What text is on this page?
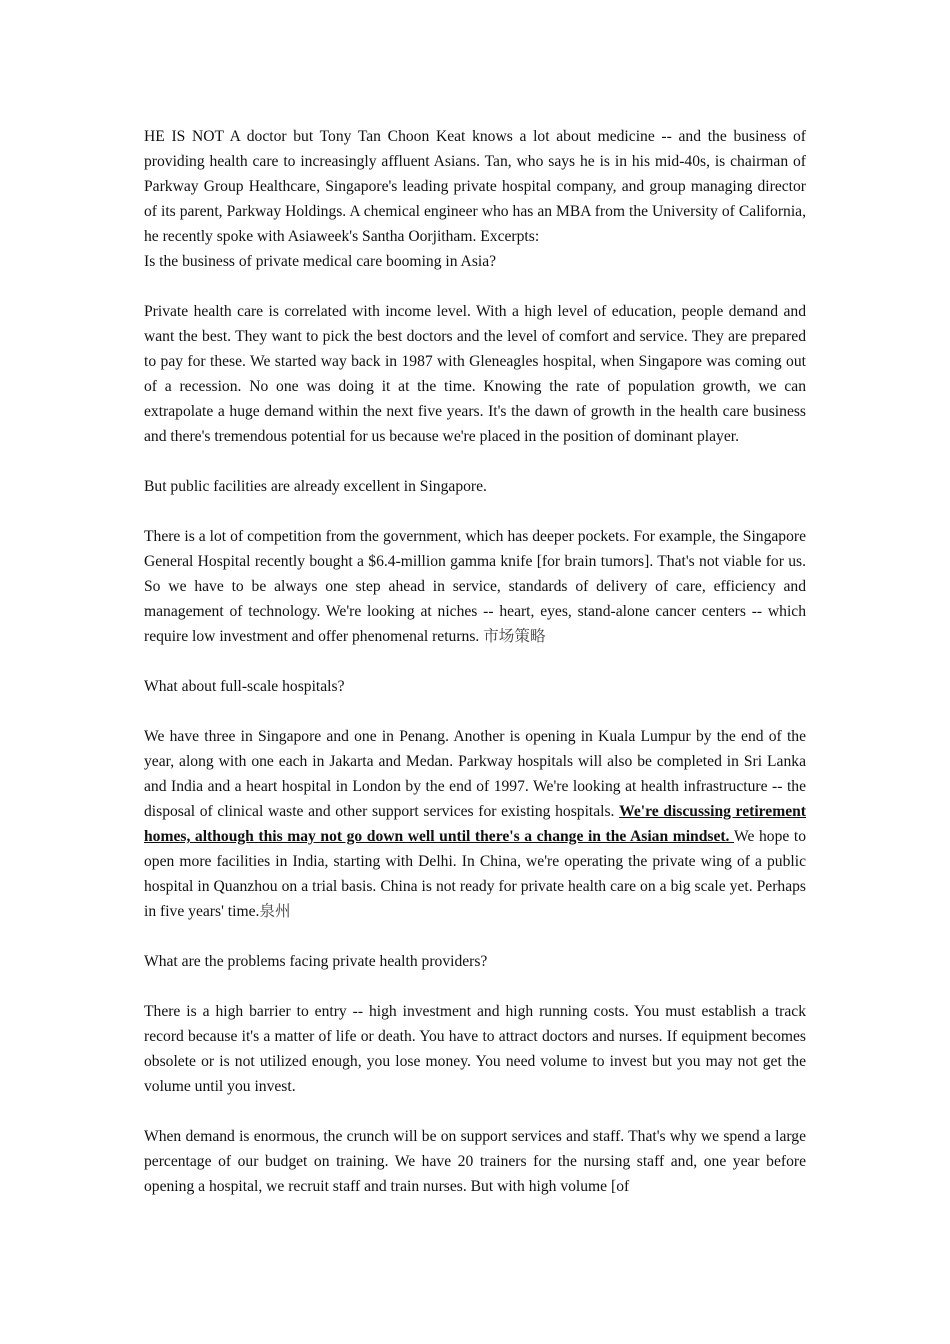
HE IS NOT A doctor but Tony Tan Choon Keat knows a lot about medicine -- and the business of providing health care to increasingly affluent Asians. Tan, who says he is in his mid-40s, is chairman of Parkway Group Healthcare, Singapore's leading private hospital company, and group managing director of its parent, Parkway Holdings. A chemical engineer who has an MBA from the University of California, he recently spoke with Asiaweek's Santha Oorjitham. Excerpts:

Is the business of private medical care booming in Asia?

Private health care is correlated with income level. With a high level of education, people demand and want the best. They want to pick the best doctors and the level of comfort and service. They are prepared to pay for these. We started way back in 1987 with Gleneagles hospital, when Singapore was coming out of a recession. No one was doing it at the time. Knowing the rate of population growth, we can extrapolate a huge demand within the next five years. It's the dawn of growth in the health care business and there's tremendous potential for us because we're placed in the position of dominant player.

But public facilities are already excellent in Singapore.

There is a lot of competition from the government, which has deeper pockets. For example, the Singapore General Hospital recently bought a $6.4-million gamma knife [for brain tumors]. That's not viable for us. So we have to be always one step ahead in service, standards of delivery of care, efficiency and management of technology. We're looking at niches -- heart, eyes, stand-alone cancer centers -- which require low investment and offer phenomenal returns. 市场策略

What about full-scale hospitals?

We have three in Singapore and one in Penang. Another is opening in Kuala Lumpur by the end of the year, along with one each in Jakarta and Medan. Parkway hospitals will also be completed in Sri Lanka and India and a heart hospital in London by the end of 1997. We're looking at health infrastructure -- the disposal of clinical waste and other support services for existing hospitals. We're discussing retirement homes, although this may not go down well until there's a change in the Asian mindset. We hope to open more facilities in India, starting with Delhi. In China, we're operating the private wing of a public hospital in Quanzhou on a trial basis. China is not ready for private health care on a big scale yet. Perhaps in five years' time.泉州

What are the problems facing private health providers?

There is a high barrier to entry -- high investment and high running costs. You must establish a track record because it's a matter of life or death. You have to attract doctors and nurses. If equipment becomes obsolete or is not utilized enough, you lose money. You need volume to invest but you may not get the volume until you invest.

When demand is enormous, the crunch will be on support services and staff. That's why we spend a large percentage of our budget on training. We have 20 trainers for the nursing staff and, one year before opening a hospital, we recruit staff and train nurses. But with high volume [of
